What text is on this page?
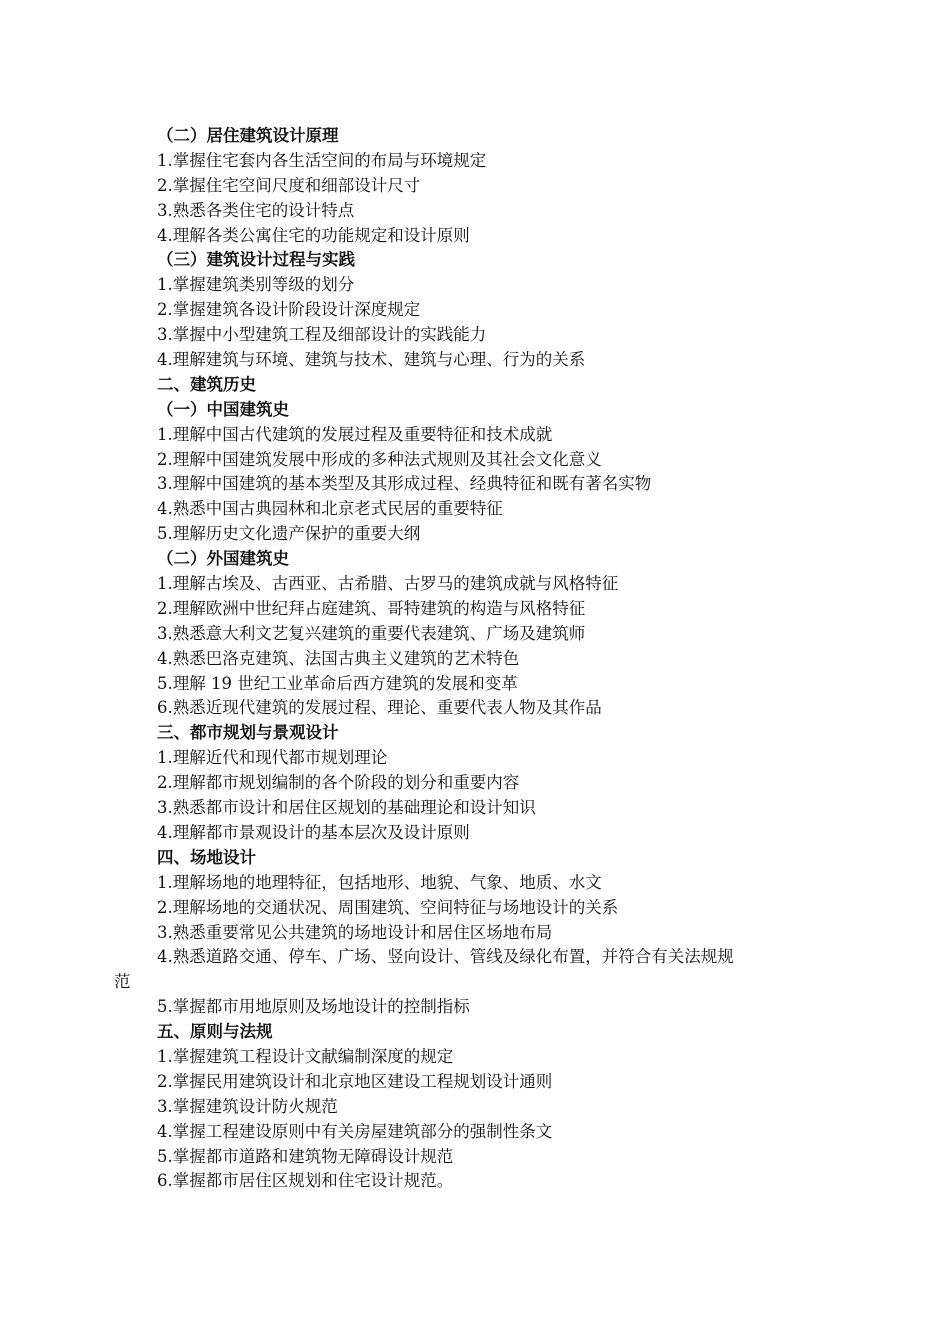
（二）居住建筑设计原理
1.掌握住宅套内各生活空间的布局与环境规定
2.掌握住宅空间尺度和细部设计尺寸
3.熟悉各类住宅的设计特点
4.理解各类公寓住宅的功能规定和设计原则
（三）建筑设计过程与实践
1.掌握建筑类别等级的划分
2.掌握建筑各设计阶段设计深度规定
3.掌握中小型建筑工程及细部设计的实践能力
4.理解建筑与环境、建筑与技术、建筑与心理、行为的关系
二、建筑历史
（一）中国建筑史
1.理解中国古代建筑的发展过程及重要特征和技术成就
2.理解中国建筑发展中形成的多种法式规则及其社会文化意义
3.理解中国建筑的基本类型及其形成过程、经典特征和既有著名实物
4.熟悉中国古典园林和北京老式民居的重要特征
5.理解历史文化遗产保护的重要大纲
（二）外国建筑史
1.理解古埃及、古西亚、古希腊、古罗马的建筑成就与风格特征
2.理解欧洲中世纪拜占庭建筑、哥特建筑的构造与风格特征
3.熟悉意大利文艺复兴建筑的重要代表建筑、广场及建筑师
4.熟悉巴洛克建筑、法国古典主义建筑的艺术特色
5.理解 19 世纪工业革命后西方建筑的发展和变革
6.熟悉近现代建筑的发展过程、理论、重要代表人物及其作品
三、都市规划与景观设计
1.理解近代和现代都市规划理论
2.理解都市规划编制的各个阶段的划分和重要内容
3.熟悉都市设计和居住区规划的基础理论和设计知识
4.理解都市景观设计的基本层次及设计原则
四、场地设计
1.理解场地的地理特征，包括地形、地貌、气象、地质、水文
2.理解场地的交通状况、周围建筑、空间特征与场地设计的关系
3.熟悉重要常见公共建筑的场地设计和居住区场地布局
4.熟悉道路交通、停车、广场、竖向设计、管线及绿化布置，并符合有关法规规
范
5.掌握都市用地原则及场地设计的控制指标
五、原则与法规
1.掌握建筑工程设计文献编制深度的规定
2.掌握民用建筑设计和北京地区建设工程规划设计通则
3.掌握建筑设计防火规范
4.掌握工程建设原则中有关房屋建筑部分的强制性条文
5.掌握都市道路和建筑物无障碍设计规范
6.掌握都市居住区规划和住宅设计规范。
